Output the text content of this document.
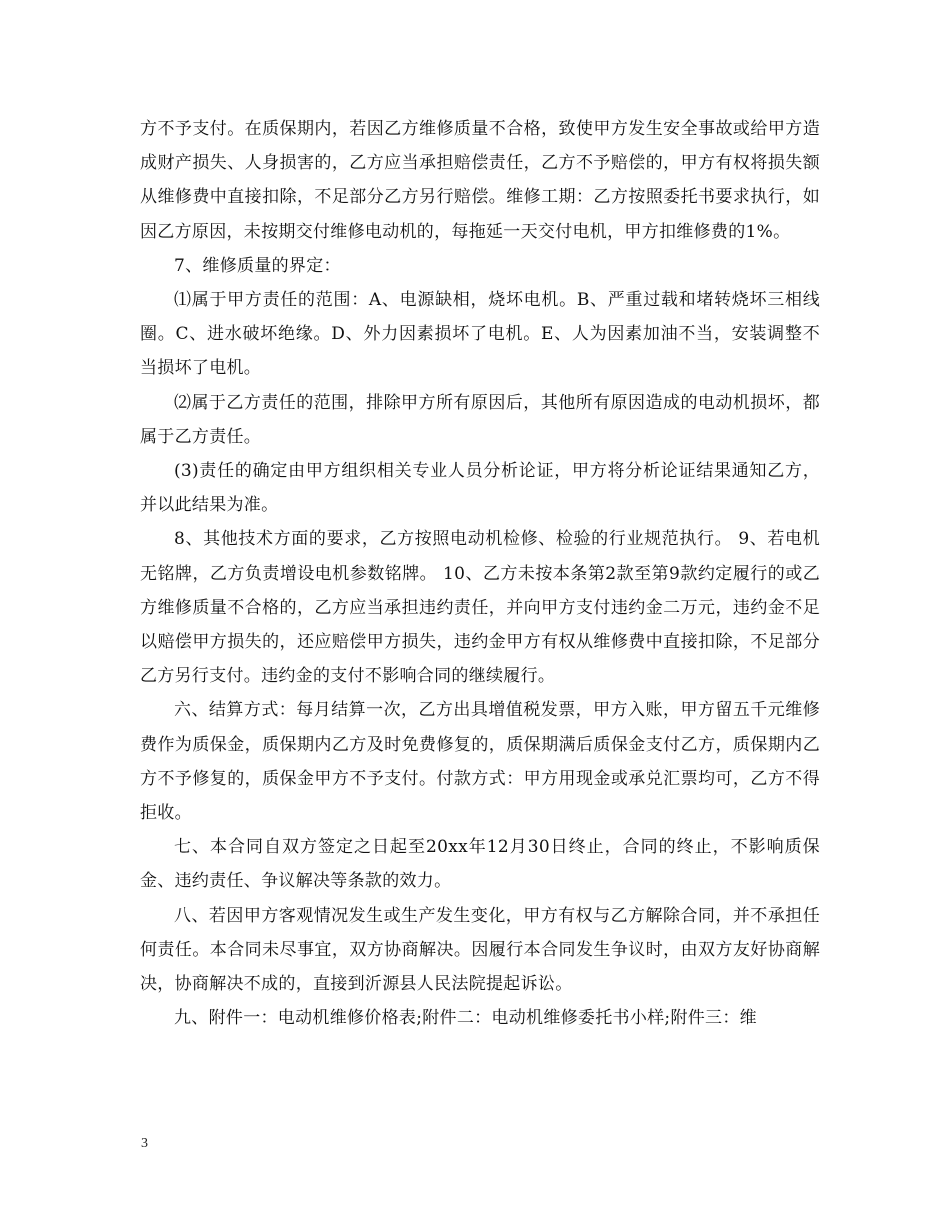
方不予支付。在质保期内，若因乙方维修质量不合格，致使甲方发生安全事故或给甲方造成财产损失、人身损害的，乙方应当承担赔偿责任，乙方不予赔偿的，甲方有权将损失额从维修费中直接扣除，不足部分乙方另行赔偿。维修工期：乙方按照委托书要求执行，如因乙方原因，未按期交付维修电动机的，每拖延一天交付电机，甲方扣维修费的1%。

7、维修质量的界定：

⑴属于甲方责任的范围：A、电源缺相，烧坏电机。B、严重过载和堵转烧坏三相线圈。C、进水破坏绝缘。D、外力因素损坏了电机。E、人为因素加油不当，安装调整不当损坏了电机。

⑵属于乙方责任的范围，排除甲方所有原因后，其他所有原因造成的电动机损坏，都属于乙方责任。

(3)责任的确定由甲方组织相关专业人员分析论证，甲方将分析论证结果通知乙方，并以此结果为准。

8、其他技术方面的要求，乙方按照电动机检修、检验的行业规范执行。 9、若电机无铭牌，乙方负责增设电机参数铭牌。 10、乙方未按本条第2款至第9款约定履行的或乙方维修质量不合格的，乙方应当承担违约责任，并向甲方支付违约金二万元，违约金不足以赔偿甲方损失的，还应赔偿甲方损失，违约金甲方有权从维修费中直接扣除，不足部分乙方另行支付。违约金的支付不影响合同的继续履行。

六、结算方式：每月结算一次，乙方出具增值税发票，甲方入账，甲方留五千元维修费作为质保金，质保期内乙方及时免费修复的，质保期满后质保金支付乙方，质保期内乙方不予修复的，质保金甲方不予支付。付款方式：甲方用现金或承兑汇票均可，乙方不得拒收。

七、本合同自双方签定之日起至20xx年12月30日终止，合同的终止，不影响质保金、违约责任、争议解决等条款的效力。

八、若因甲方客观情况发生或生产发生变化，甲方有权与乙方解除合同，并不承担任何责任。本合同未尽事宜，双方协商解决。因履行本合同发生争议时，由双方友好协商解决，协商解决不成的，直接到沂源县人民法院提起诉讼。

九、附件一：电动机维修价格表;附件二：电动机维修委托书小样;附件三：维

3
